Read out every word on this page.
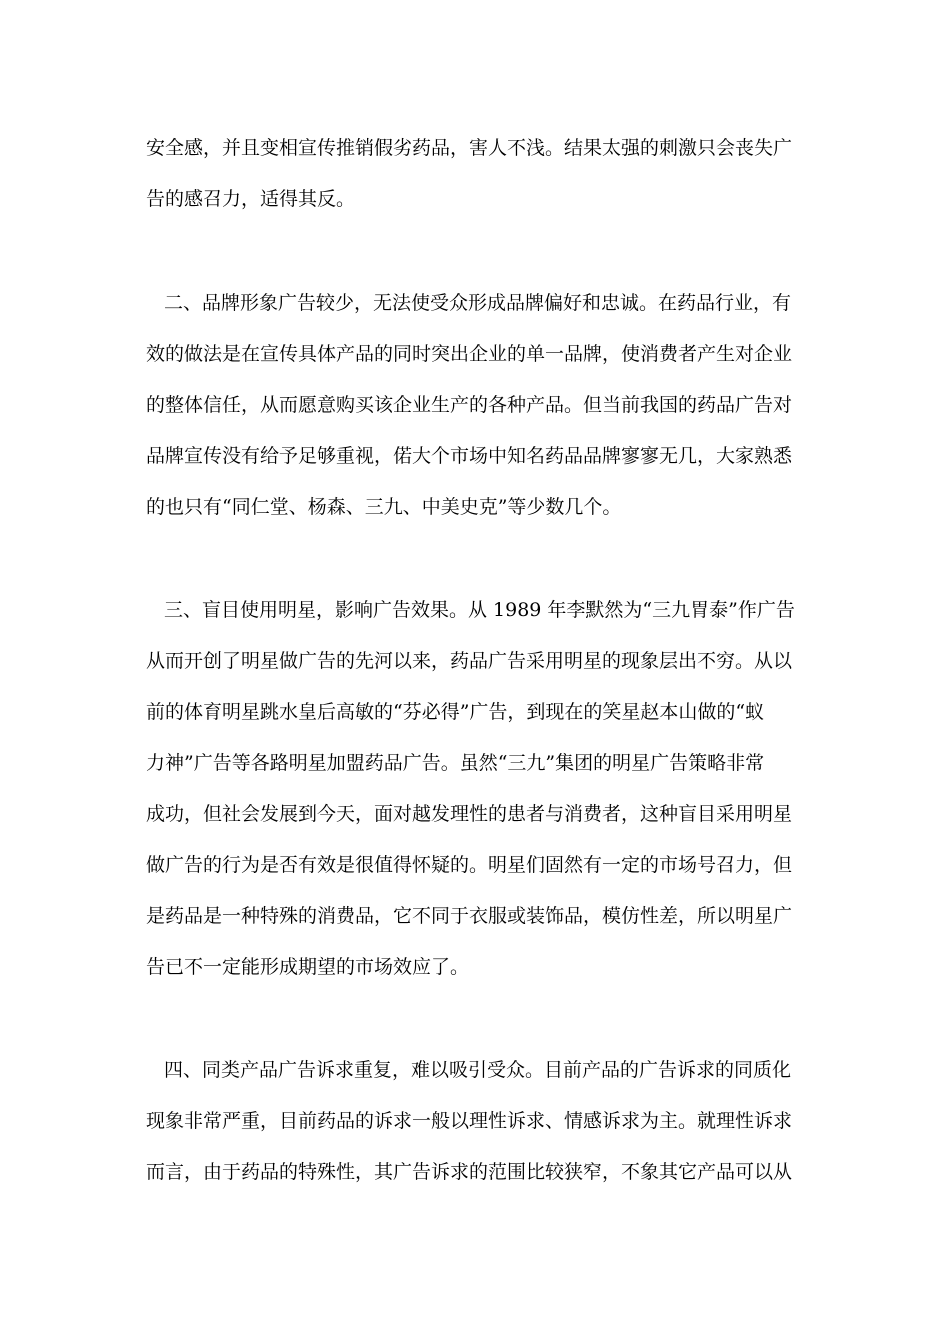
安全感，并且变相宣传推销假劣药品，害人不浅。结果太强的刺激只会丧失广
告的感召力，适得其反。
二、品牌形象广告较少，无法使受众形成品牌偏好和忠诚。在药品行业，有
效的做法是在宣传具体产品的同时突出企业的单一品牌，使消费者产生对企业
的整体信任，从而愿意购买该企业生产的各种产品。但当前我国的药品广告对
品牌宣传没有给予足够重视，偌大个市场中知名药品品牌寥寥无几，大家熟悉
的也只有“同仁堂、杨森、三九、中美史克”等少数几个。
三、盲目使用明星，影响广告效果。从 1989 年李默然为“三九胃泰”作广告
从而开创了明星做广告的先河以来，药品广告采用明星的现象层出不穷。从以
前的体育明星跳水皇后高敏的“芬必得”广告，到现在的笑星赵本山做的“蚁
力神”广告等各路明星加盟药品广告。虽然“三九”集团的明星广告策略非常
成功，但社会发展到今天，面对越发理性的患者与消费者，这种盲目采用明星
做广告的行为是否有效是很值得怀疑的。明星们固然有一定的市场号召力，但
是药品是一种特殊的消费品，它不同于衣服或装饰品，模仿性差，所以明星广
告已不一定能形成期望的市场效应了。
四、同类产品广告诉求重复，难以吸引受众。目前产品的广告诉求的同质化
现象非常严重，目前药品的诉求一般以理性诉求、情感诉求为主。就理性诉求
而言，由于药品的特殊性，其广告诉求的范围比较狭窄，不象其它产品可以从
